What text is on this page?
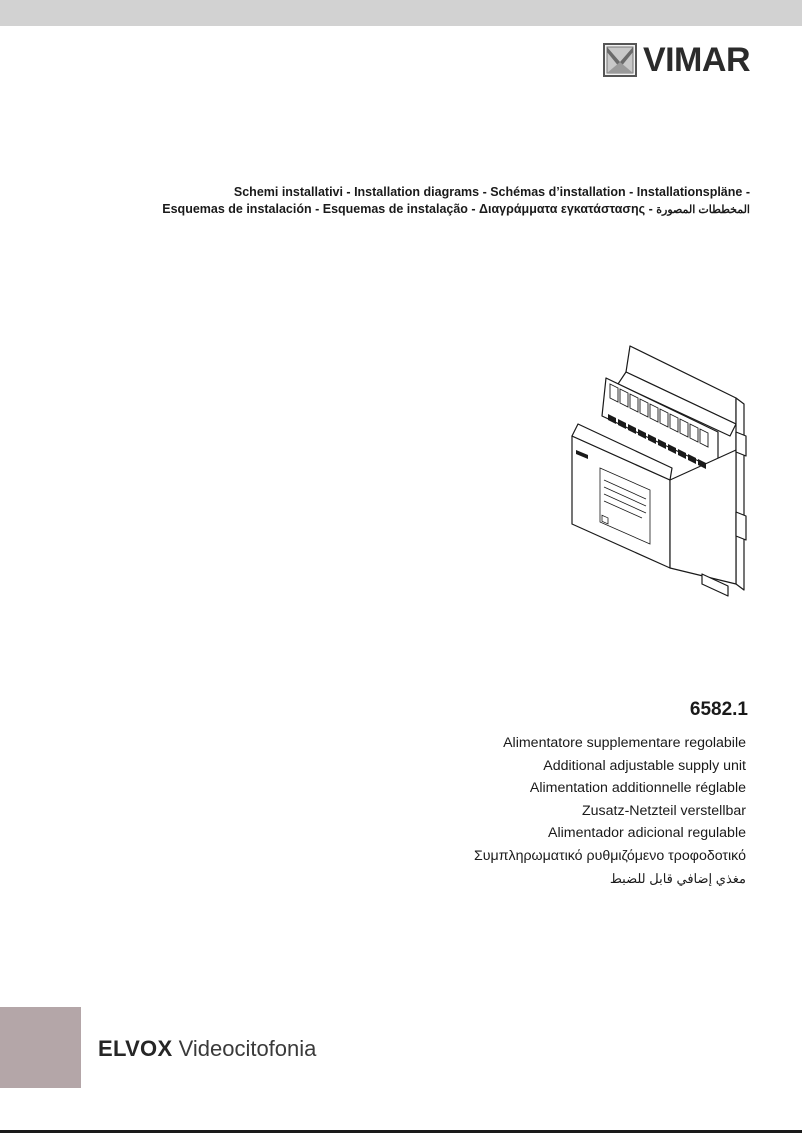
VIMAR
Schemi installativi - Installation diagrams - Schémas d’installation - Installationspläne -
Esquemas de instalación - Esquemas de instalação - Διαγράμματα εγκατάστασης - المخططات المصورة
6582.1
Alimentatore supplementare regolabile
Additional adjustable supply unit
Alimentation additionnelle réglable
Zusatz-Netzteil verstellbar
Alimentador adicional regulable
Συμπληρωματικό ρυθμιζόμενο τροφοδοτικό
مغذي إضافي قابل للضبط
ELVOX Videocitofonia
